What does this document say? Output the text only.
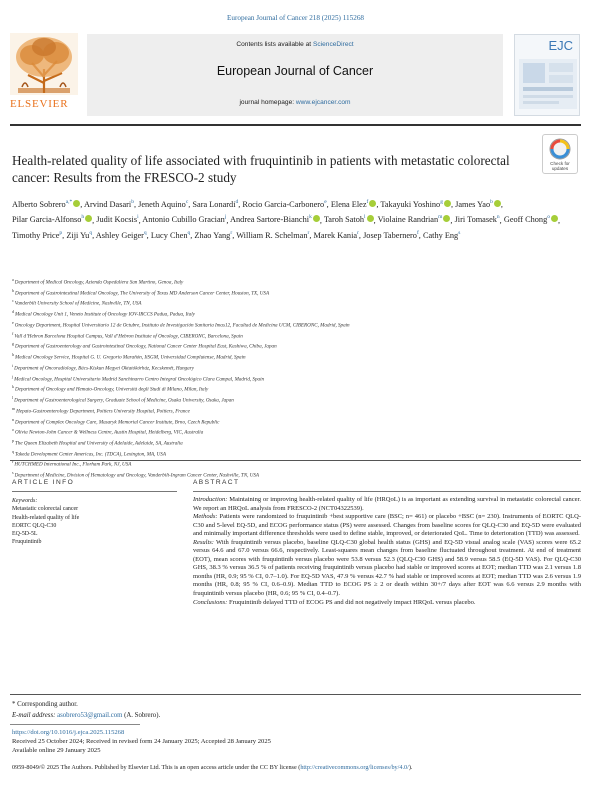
European Journal of Cancer 218 (2025) 115268
ELSEVIER
Contents lists available at ScienceDirect
European Journal of Cancer
journal homepage: www.ejcancer.com
EJC
Check for updates
Health-related quality of life associated with fruquintinib in patients with metastatic colorectal cancer: Results from the FRESCO-2 study
Alberto Sobrero$^{a,*}$ , Arvind Dasari$^b$, Jeneth Aquino$^c$, Sara Lonardi$^d$, Rocio Garcia-Carbonero$^e$, Elena Elez$^f$ , Takayuki Yoshino$^g$ , James Yao$^b$ , Pilar Garcia-Alfonso$^h$ , Judit Kocsis$^i$, Antonio Cubillo Gracian$^j$, Andrea Sartore-Bianchi$^k$ , Taroh Satoh$^l$ , Violaine Randrian$^m$ , Jiri Tomasek$^n$, Geoff Chong$^o$ , Timothy Price$^p$, Ziji Yu$^q$, Ashley Geiger$^q$, Lucy Chen$^q$, Zhao Yang$^r$, William R. Schelman$^r$, Marek Kania$^r$, Josep Tabernero$^f$, Cathy Eng$^s$
$^a$Department of Medical Oncology, Azienda Ospedaliera San Martino, Genoa, Italy
$^b$Department of Gastrointestinal Medical Oncology, The University of Texas MD Anderson Cancer Center, Houston, TX, USA
$^c$Vanderbilt University School of Medicine, Nashville, TN, USA
$^d$Medical Oncology Unit 1, Veneto Institute of Oncology IOV-IRCCS Padua, Padua, Italy
$^e$Oncology Department, Hospital Universitario 12 de Octubre, Instituto de Investigación Sanitaria Imas12, Facultad de Medicina UCM, CIBERONC, Madrid, Spain
$^f$Vall d’Hebron Barcelona Hospital Campus, Vall d’Hebron Institute of Oncology, CIBERONC, Barcelona, Spain
$^g$Department of Gastroenterology and Gastrointestinal Oncology, National Cancer Center Hospital East, Kashiwa, Chiba, Japan
$^h$Medical Oncology Service, Hospital G. U. Gregorio Marañón, IiSGM, Universidad Complutense, Madrid, Spain
$^i$Department of Oncoradiology, Bács-Kiskun Megyei Oktatókórház, Kecskemét, Hungary
$^j$Medical Oncology, Hospital Universitario Madrid Sanchinarro Centro Integral Oncológico Clara Campal, Madrid, Spain
$^k$Department of Oncology and Hemato-Oncology, Università degli Studi di Milano, Milan, Italy
$^l$Department of Gastroenterological Surgery, Graduate School of Medicine, Osaka University, Osaka, Japan
$^m$Hepato-Gastroenterology Department, Poitiers University Hospital, Poitiers, France
$^n$Department of Complex Oncology Care, Masaryk Memorial Cancer Institute, Brno, Czech Republic
$^o$Olivia Newton-John Cancer & Wellness Centre, Austin Hospital, Heidelberg, VIC, Australia
$^p$The Queen Elizabeth Hospital and University of Adelaide, Adelaide, SA, Australia
$^q$Takeda Development Center Americas, Inc. (TDCA), Lexington, MA, USA
$^r$HUTCHMED International Inc., Florham Park, NJ, USA
$^s$Department of Medicine, Division of Hematology and Oncology, Vanderbilt-Ingram Cancer Center, Nashville, TN, USA
ARTICLE INFO	ABSTRACT
Keywords:
Metastatic colorectal cancer
Health-related quality of life
EORTC QLQ-C30
EQ-5D-5L
Fruquintinib
Introduction: Maintaining or improving health-related quality of life (HRQoL) is as important as extending survival in metastatic colorectal cancer. We report an HRQoL analysis from FRESCO-2 (NCT04322539).
Methods: Patients were randomized to fruquintinib +best supportive care (BSC; n= 461) or placebo +BSC (n= 230). Instruments of EORTC QLQ-C30 and 5-level EQ-5D, and ECOG performance status (PS) were assessed. Changes from baseline scores for QLQ-C30 and EQ-5D were evaluated and minimally important difference thresholds were used to define stable, improved, or deteriorated QoL. Time to deterioration (TTD) was assessed.
Results: With fruquintinib versus placebo, baseline QLQ-C30 global health status (GHS) and EQ-5D visual analog scale (VAS) scores were 65.2 versus 64.6 and 67.0 versus 66.6, respectively. Least-squares mean changes from baseline fluctuated throughout treatment. At end of treatment (EOT), mean scores with fruquintinib versus placebo were 53.8 versus 52.3 (QLQ-C30 GHS) and 58.9 versus 58.5 (EQ-5D VAS). For QLQ-C30 GHS, 38.3 % versus 36.5 % of patients receiving fruquintinib versus placebo had stable or improved scores at EOT; median TTD was 2.1 versus 1.8 months (HR, 0.9; 95 % CI, 0.7–1.0). For EQ-5D VAS, 47.9 % versus 42.7 % had stable or improved scores at EOT; median TTD was 2.6 versus 1.9 months (HR, 0.8; 95 % CI, 0.6–0.9). Median TTD to ECOG PS ≥ 2 or death within 30+/7 days after EOT was 6.6 versus 2.9 months with fruquintinib versus placebo (HR, 0.6; 95 % CI, 0.4–0.7).
Conclusions: Fruquintinib delayed TTD of ECOG PS and did not negatively impact HRQoL versus placebo.
* Corresponding author.
E-mail address: asobrero53@gmail.com (A. Sobrero).
https://doi.org/10.1016/j.ejca.2025.115268
Received 25 October 2024; Received in revised form 24 January 2025; Accepted 28 January 2025
Available online 29 January 2025
0959-8049/© 2025 The Authors. Published by Elsevier Ltd. This is an open access article under the CC BY license (http://creativecommons.org/licenses/by/4.0/).
